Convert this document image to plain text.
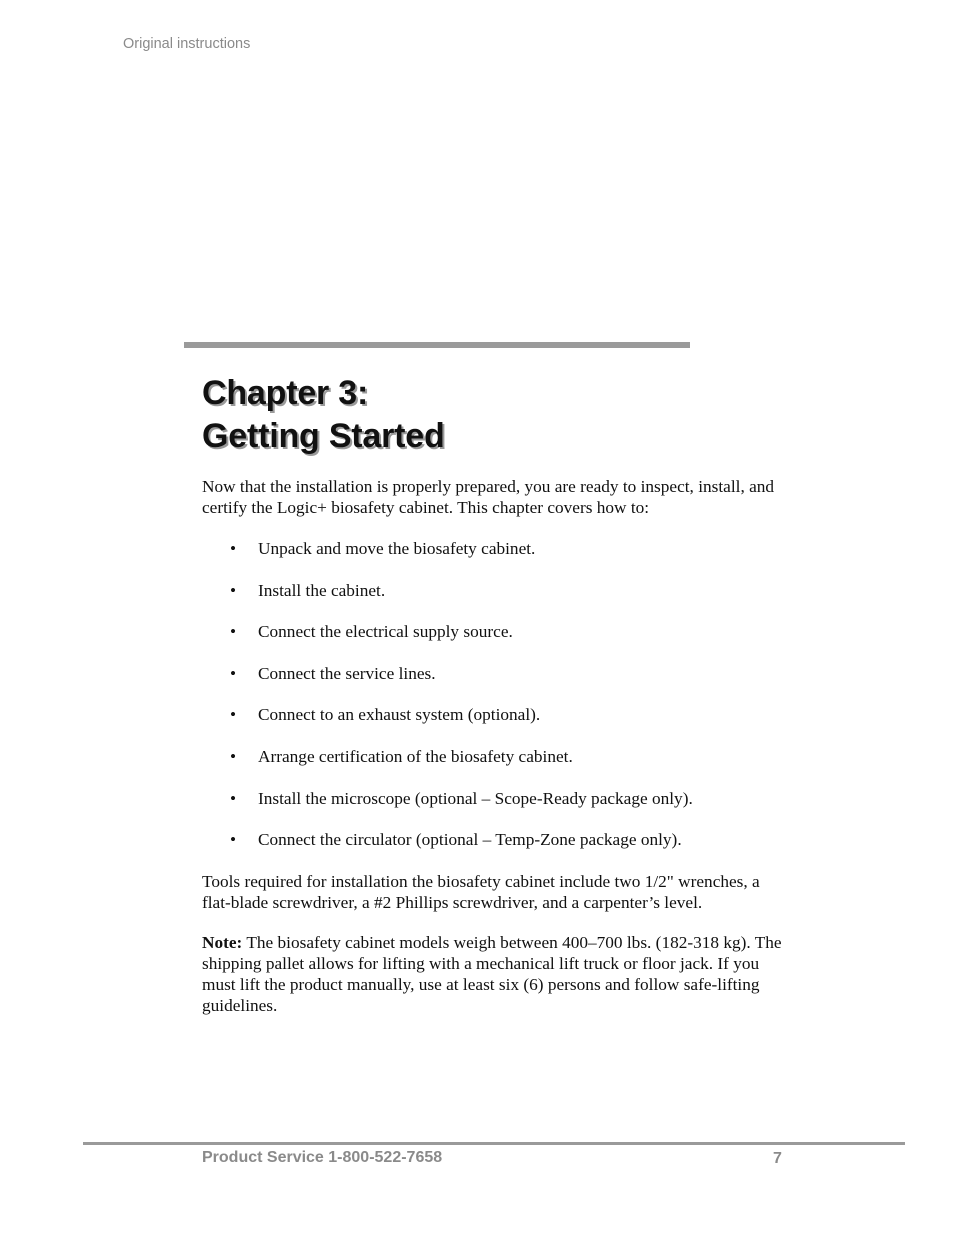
Original instructions
Chapter 3:
Getting Started

Now that the installation is properly prepared, you are ready to inspect, install, and certify the Logic+ biosafety cabinet. This chapter covers how to:

• Unpack and move the biosafety cabinet.
• Install the cabinet.
• Connect the electrical supply source.
• Connect the service lines.
• Connect to an exhaust system (optional).
• Arrange certification of the biosafety cabinet.
• Install the microscope (optional – Scope-Ready package only).
• Connect the circulator (optional – Temp-Zone package only).

Tools required for installation the biosafety cabinet include two 1/2" wrenches, a flat-blade screwdriver, a #2 Phillips screwdriver, and a carpenter’s level.

Note: The biosafety cabinet models weigh between 400–700 lbs. (182-318 kg). The shipping pallet allows for lifting with a mechanical lift truck or floor jack. If you must lift the product manually, use at least six (6) persons and follow safe-lifting guidelines.

Product Service 1-800-522-7658	7
